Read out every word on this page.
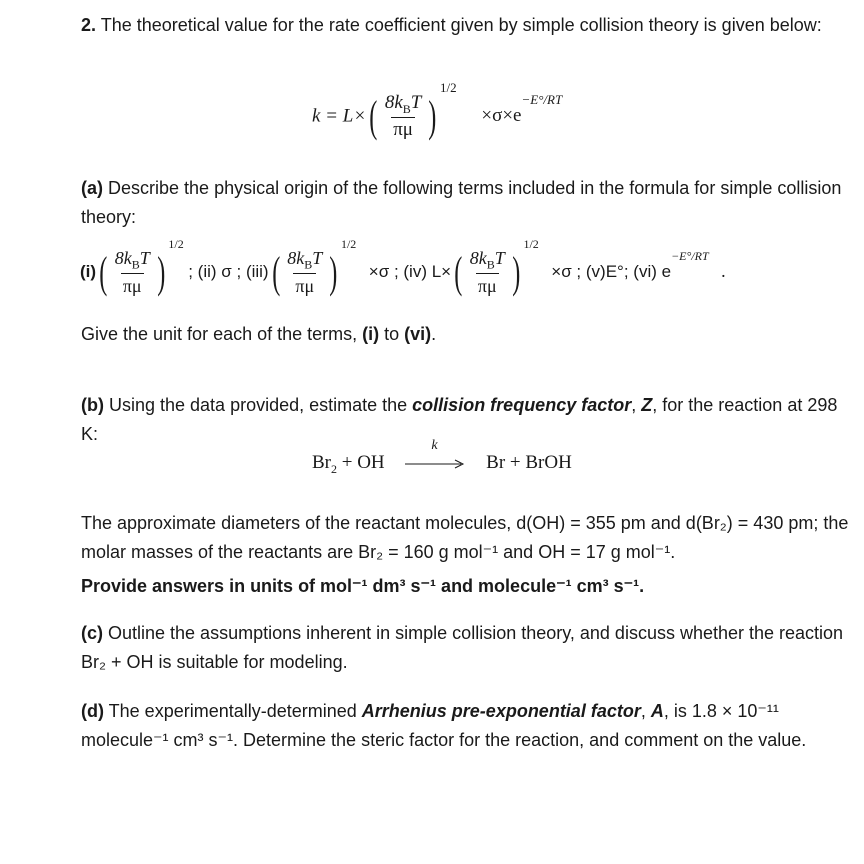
2. The theoretical value for the rate coefficient given by simple collision theory is given below:
$k = L\times( \frac{8k_BT}{\pi\mu} )^{1/2} \times\sigma\times e^{-E^\circ/RT}$
(a) Describe the physical origin of the following terms included in the formula for simple collision theory:
$(i)( \frac{8k_BT}{\pi\mu} )^{1/2}$ ; (ii) σ ; $(iii)( \frac{8k_BT}{\pi\mu} )^{1/2} \times\sigma$ ; (iv) $L\times( \frac{8k_BT}{\pi\mu} )^{1/2} \times\sigma$ ; (v)E°; (vi) $e^{-E^\circ/RT}$ .
Give the unit for each of the terms, (i) to (vi).
(b) Using the data provided, estimate the collision frequency factor, Z, for the reaction at 298 K:
$Br_2$ + OH
k
Br + BrOH
The approximate diameters of the reactant molecules, d(OH) = 355 pm and d(Br₂) = 430 pm; the molar masses of the reactants are Br₂ = 160 g mol⁻¹ and OH = 17 g mol⁻¹.
Provide answers in units of mol⁻¹ dm³ s⁻¹ and molecule⁻¹ cm³ s⁻¹.
(c) Outline the assumptions inherent in simple collision theory, and discuss whether the reaction Br₂ + OH is suitable for modeling.
(d) The experimentally-determined Arrhenius pre-exponential factor, A, is 1.8 × 10⁻¹¹ molecule⁻¹ cm³ s⁻¹. Determine the steric factor for the reaction, and comment on the value.
